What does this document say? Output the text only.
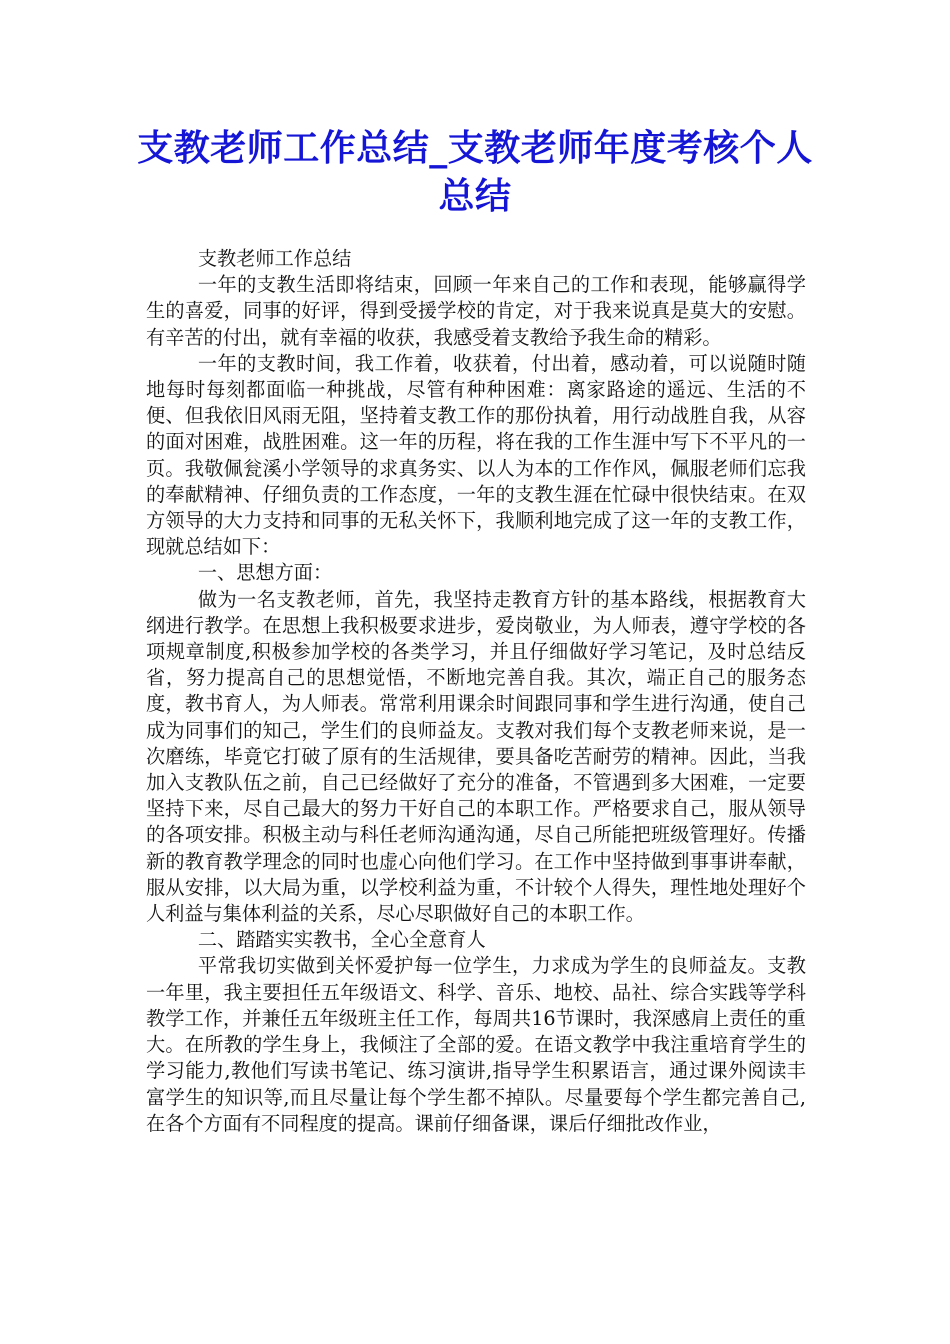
支教老师工作总结_支教老师年度考核个人总结

支教老师工作总结

一年的支教生活即将结束，回顾一年来自己的工作和表现，能够赢得学生的喜爱，同事的好评，得到受援学校的肯定，对于我来说真是莫大的安慰。有辛苦的付出，就有幸福的收获，我感受着支教给予我生命的精彩。

一年的支教时间，我工作着，收获着，付出着，感动着，可以说随时随地每时每刻都面临一种挑战，尽管有种种困难：离家路途的遥远、生活的不便、但我依旧风雨无阻，坚持着支教工作的那份执着，用行动战胜自我，从容的面对困难，战胜困难。这一年的历程，将在我的工作生涯中写下不平凡的一页。我敬佩瓮溪小学领导的求真务实、以人为本的工作作风，佩服老师们忘我的奉献精神、仔细负责的工作态度，一年的支教生涯在忙碌中很快结束。在双方领导的大力支持和同事的无私关怀下，我顺利地完成了这一年的支教工作，现就总结如下：

一、思想方面：

做为一名支教老师，首先，我坚持走教育方针的基本路线，根据教育大纲进行教学。在思想上我积极要求进步，爱岗敬业，为人师表，遵守学校的各项规章制度,积极参加学校的各类学习，并且仔细做好学习笔记，及时总结反省，努力提高自己的思想觉悟，不断地完善自我。其次，端正自己的服务态度，教书育人，为人师表。常常利用课余时间跟同事和学生进行沟通，使自己成为同事们的知己，学生们的良师益友。支教对我们每个支教老师来说，是一次磨练，毕竟它打破了原有的生活规律，要具备吃苦耐劳的精神。因此，当我加入支教队伍之前，自己已经做好了充分的准备，不管遇到多大困难，一定要坚持下来，尽自己最大的努力干好自己的本职工作。严格要求自己，服从领导的各项安排。积极主动与科任老师沟通沟通，尽自己所能把班级管理好。传播新的教育教学理念的同时也虚心向他们学习。在工作中坚持做到事事讲奉献，服从安排，以大局为重，以学校利益为重，不计较个人得失，理性地处理好个人利益与集体利益的关系，尽心尽职做好自己的本职工作。

二、踏踏实实教书，全心全意育人

平常我切实做到关怀爱护每一位学生，力求成为学生的良师益友。支教一年里，我主要担任五年级语文、科学、音乐、地校、品社、综合实践等学科教学工作，并兼任五年级班主任工作，每周共16节课时，我深感肩上责任的重大。在所教的学生身上，我倾注了全部的爱。在语文教学中我注重培育学生的学习能力,教他们写读书笔记、练习演讲,指导学生积累语言，通过课外阅读丰富学生的知识等,而且尽量让每个学生都不掉队。尽量要每个学生都完善自己,在各个方面有不同程度的提高。课前仔细备课，课后仔细批改作业，
